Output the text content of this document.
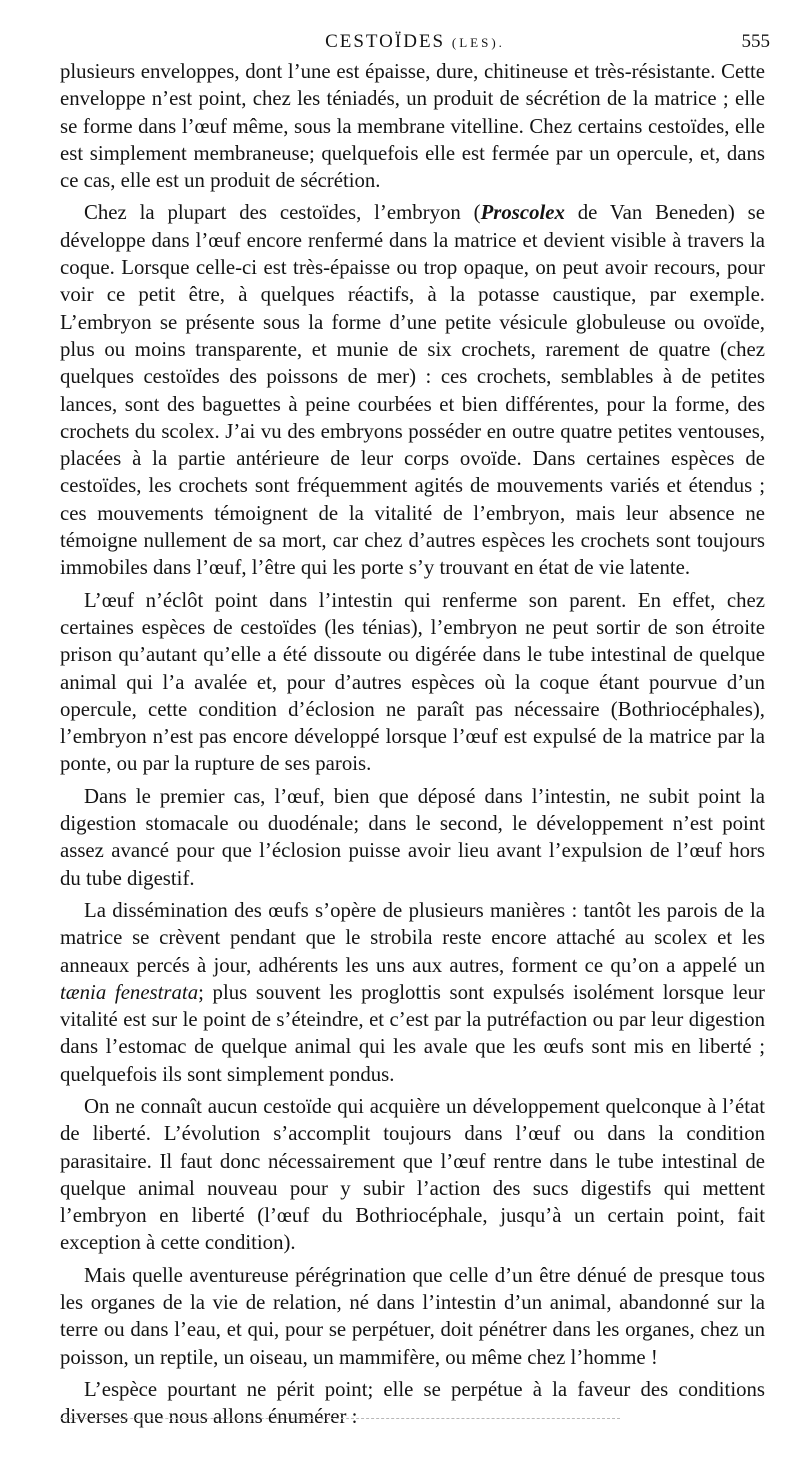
CESTOÏDES (LES).	555

plusieurs enveloppes, dont l’une est épaisse, dure, chitineuse et très-résistante. Cette enveloppe n’est point, chez les téniadés, un produit de sécrétion de la matrice ; elle se forme dans l’œuf même, sous la membrane vitelline. Chez certains cestoïdes, elle est simplement membraneuse; quelquefois elle est fermée par un opercule, et, dans ce cas, elle est un produit de sécrétion.

Chez la plupart des cestoïdes, l’embryon (Proscolex de Van Beneden) se développe dans l’œuf encore renfermé dans la matrice et devient visible à travers la coque. Lorsque celle-ci est très-épaisse ou trop opaque, on peut avoir recours, pour voir ce petit être, à quelques réactifs, à la potasse caustique, par exemple. L’embryon se présente sous la forme d’une petite vésicule globuleuse ou ovoïde, plus ou moins transparente, et munie de six crochets, rarement de quatre (chez quelques cestoïdes des poissons de mer) : ces crochets, semblables à de petites lances, sont des baguettes à peine courbées et bien différentes, pour la forme, des crochets du scolex. J’ai vu des embryons posséder en outre quatre petites ventouses, placées à la partie antérieure de leur corps ovoïde. Dans certaines espèces de cestoïdes, les crochets sont fréquemment agités de mouvements variés et étendus ; ces mouvements témoignent de la vitalité de l’embryon, mais leur absence ne témoigne nullement de sa mort, car chez d’autres espèces les crochets sont toujours immobiles dans l’œuf, l’être qui les porte s’y trouvant en état de vie latente.

L’œuf n’éclôt point dans l’intestin qui renferme son parent. En effet, chez certaines espèces de cestoïdes (les ténias), l’embryon ne peut sortir de son étroite prison qu’autant qu’elle a été dissoute ou digérée dans le tube intestinal de quelque animal qui l’a avalée et, pour d’autres espèces où la coque étant pourvue d’un opercule, cette condition d’éclosion ne paraît pas nécessaire (Bothriocéphales), l’embryon n’est pas encore développé lorsque l’œuf est expulsé de la matrice par la ponte, ou par la rupture de ses parois.

Dans le premier cas, l’œuf, bien que déposé dans l’intestin, ne subit point la digestion stomacale ou duodénale; dans le second, le développement n’est point assez avancé pour que l’éclosion puisse avoir lieu avant l’expulsion de l’œuf hors du tube digestif.

La dissémination des œufs s’opère de plusieurs manières : tantôt les parois de la matrice se crèvent pendant que le strobila reste encore attaché au scolex et les anneaux percés à jour, adhérents les uns aux autres, forment ce qu’on a appelé un tænia fenestrata; plus souvent les proglottis sont expulsés isolément lorsque leur vitalité est sur le point de s’éteindre, et c’est par la putréfaction ou par leur digestion dans l’estomac de quelque animal qui les avale que les œufs sont mis en liberté ; quelquefois ils sont simplement pondus.

On ne connaît aucun cestoïde qui acquière un développement quelconque à l’état de liberté. L’évolution s’accomplit toujours dans l’œuf ou dans la condition parasitaire. Il faut donc nécessairement que l’œuf rentre dans le tube intestinal de quelque animal nouveau pour y subir l’action des sucs digestifs qui mettent l’embryon en liberté (l’œuf du Bothriocéphale, jusqu’à un certain point, fait exception à cette condition).

Mais quelle aventureuse pérégrination que celle d’un être dénué de presque tous les organes de la vie de relation, né dans l’intestin d’un animal, abandonné sur la terre ou dans l’eau, et qui, pour se perpétuer, doit pénétrer dans les organes, chez un poisson, un reptile, un oiseau, un mammifère, ou même chez l’homme !

L’espèce pourtant ne périt point; elle se perpétue à la faveur des conditions diverses que nous allons énumérer :
